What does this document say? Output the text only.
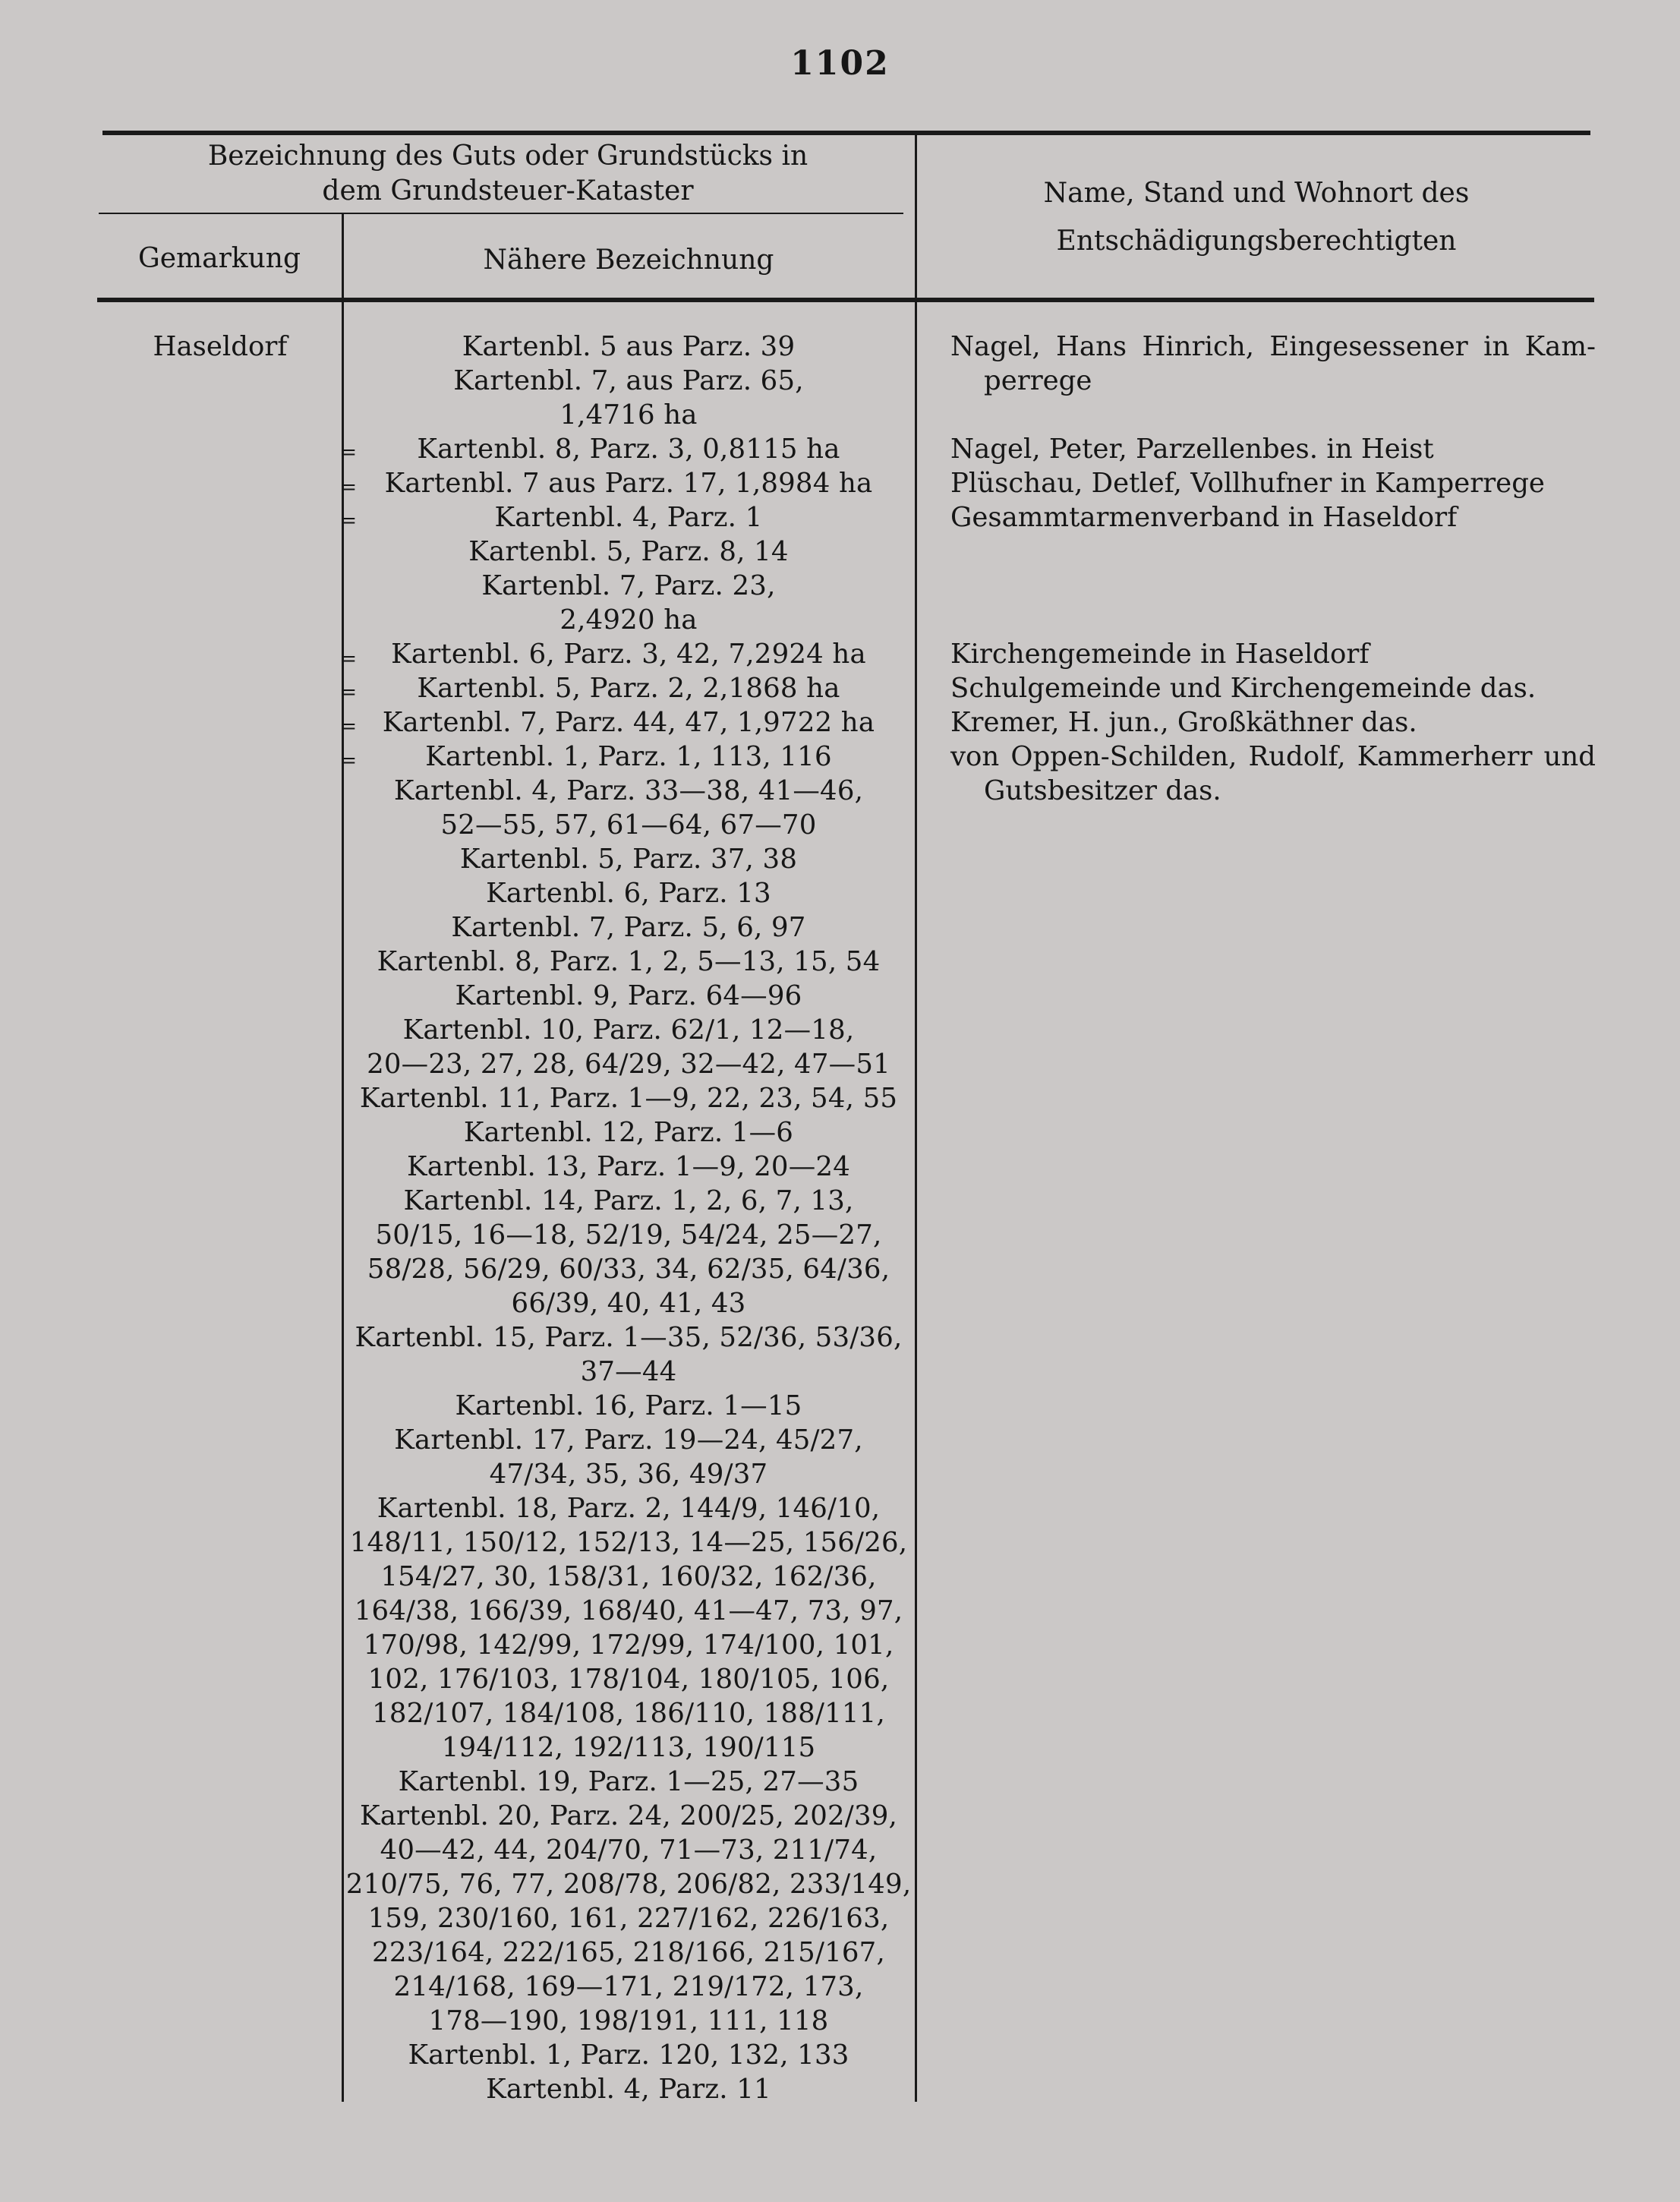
1102
Bezeichnung des Guts oder Grundstücks in
dem Grundsteuer-Kataster
Gemarkung	Nähere Bezeichnung
Name, Stand und Wohnort des
Entschädigungsberechtigten
Haseldorf
=
=
=
=
=
=
=
Kartenbl. 5 aus Parz. 39
Kartenbl. 7, aus Parz. 65,
1,4716 ha
Kartenbl. 8, Parz. 3, 0,8115 ha
Kartenbl. 7 aus Parz. 17, 1,8984 ha
Kartenbl. 4, Parz. 1
Kartenbl. 5, Parz. 8, 14
Kartenbl. 7, Parz. 23,
2,4920 ha
Kartenbl. 6, Parz. 3, 42, 7,2924 ha
Kartenbl. 5, Parz. 2, 2,1868 ha
Kartenbl. 7, Parz. 44, 47, 1,9722 ha
Kartenbl. 1, Parz. 1, 113, 116
Kartenbl. 4, Parz. 33—38, 41—46,
52—55, 57, 61—64, 67—70
Kartenbl. 5, Parz. 37, 38
Kartenbl. 6, Parz. 13
Kartenbl. 7, Parz. 5, 6, 97
Kartenbl. 8, Parz. 1, 2, 5—13, 15, 54
Kartenbl. 9, Parz. 64—96
Kartenbl. 10, Parz. 62/1, 12—18,
20—23, 27, 28, 64/29, 32—42, 47—51
Kartenbl. 11, Parz. 1—9, 22, 23, 54, 55
Kartenbl. 12, Parz. 1—6
Kartenbl. 13, Parz. 1—9, 20—24
Kartenbl. 14, Parz. 1, 2, 6, 7, 13,
50/15, 16—18, 52/19, 54/24, 25—27,
58/28, 56/29, 60/33, 34, 62/35, 64/36,
66/39, 40, 41, 43
Kartenbl. 15, Parz. 1—35, 52/36, 53/36,
37—44
Kartenbl. 16, Parz. 1—15
Kartenbl. 17, Parz. 19—24, 45/27,
47/34, 35, 36, 49/37
Kartenbl. 18, Parz. 2, 144/9, 146/10,
148/11, 150/12, 152/13, 14—25, 156/26,
154/27, 30, 158/31, 160/32, 162/36,
164/38, 166/39, 168/40, 41—47, 73, 97,
170/98, 142/99, 172/99, 174/100, 101,
102, 176/103, 178/104, 180/105, 106,
182/107, 184/108, 186/110, 188/111,
194/112, 192/113, 190/115
Kartenbl. 19, Parz. 1—25, 27—35
Kartenbl. 20, Parz. 24, 200/25, 202/39,
40—42, 44, 204/70, 71—73, 211/74,
210/75, 76, 77, 208/78, 206/82, 233/149,
159, 230/160, 161, 227/162, 226/163,
223/164, 222/165, 218/166, 215/167,
214/168, 169—171, 219/172, 173,
178—190, 198/191, 111, 118
Kartenbl. 1, Parz. 120, 132, 133
Kartenbl. 4, Parz. 11
Nagel, Hans Hinrich, Eingesessener in Kam-
perrege
Nagel, Peter, Parzellenbes. in Heist
Plüschau, Detlef, Vollhufner in Kamperrege
Gesammtarmenverband in Haseldorf
Kirchengemeinde in Haseldorf
Schulgemeinde und Kirchengemeinde das.
Kremer, H. jun., Großkäthner das.
von Oppen-Schilden, Rudolf, Kammerherr und
Gutsbesitzer das.
